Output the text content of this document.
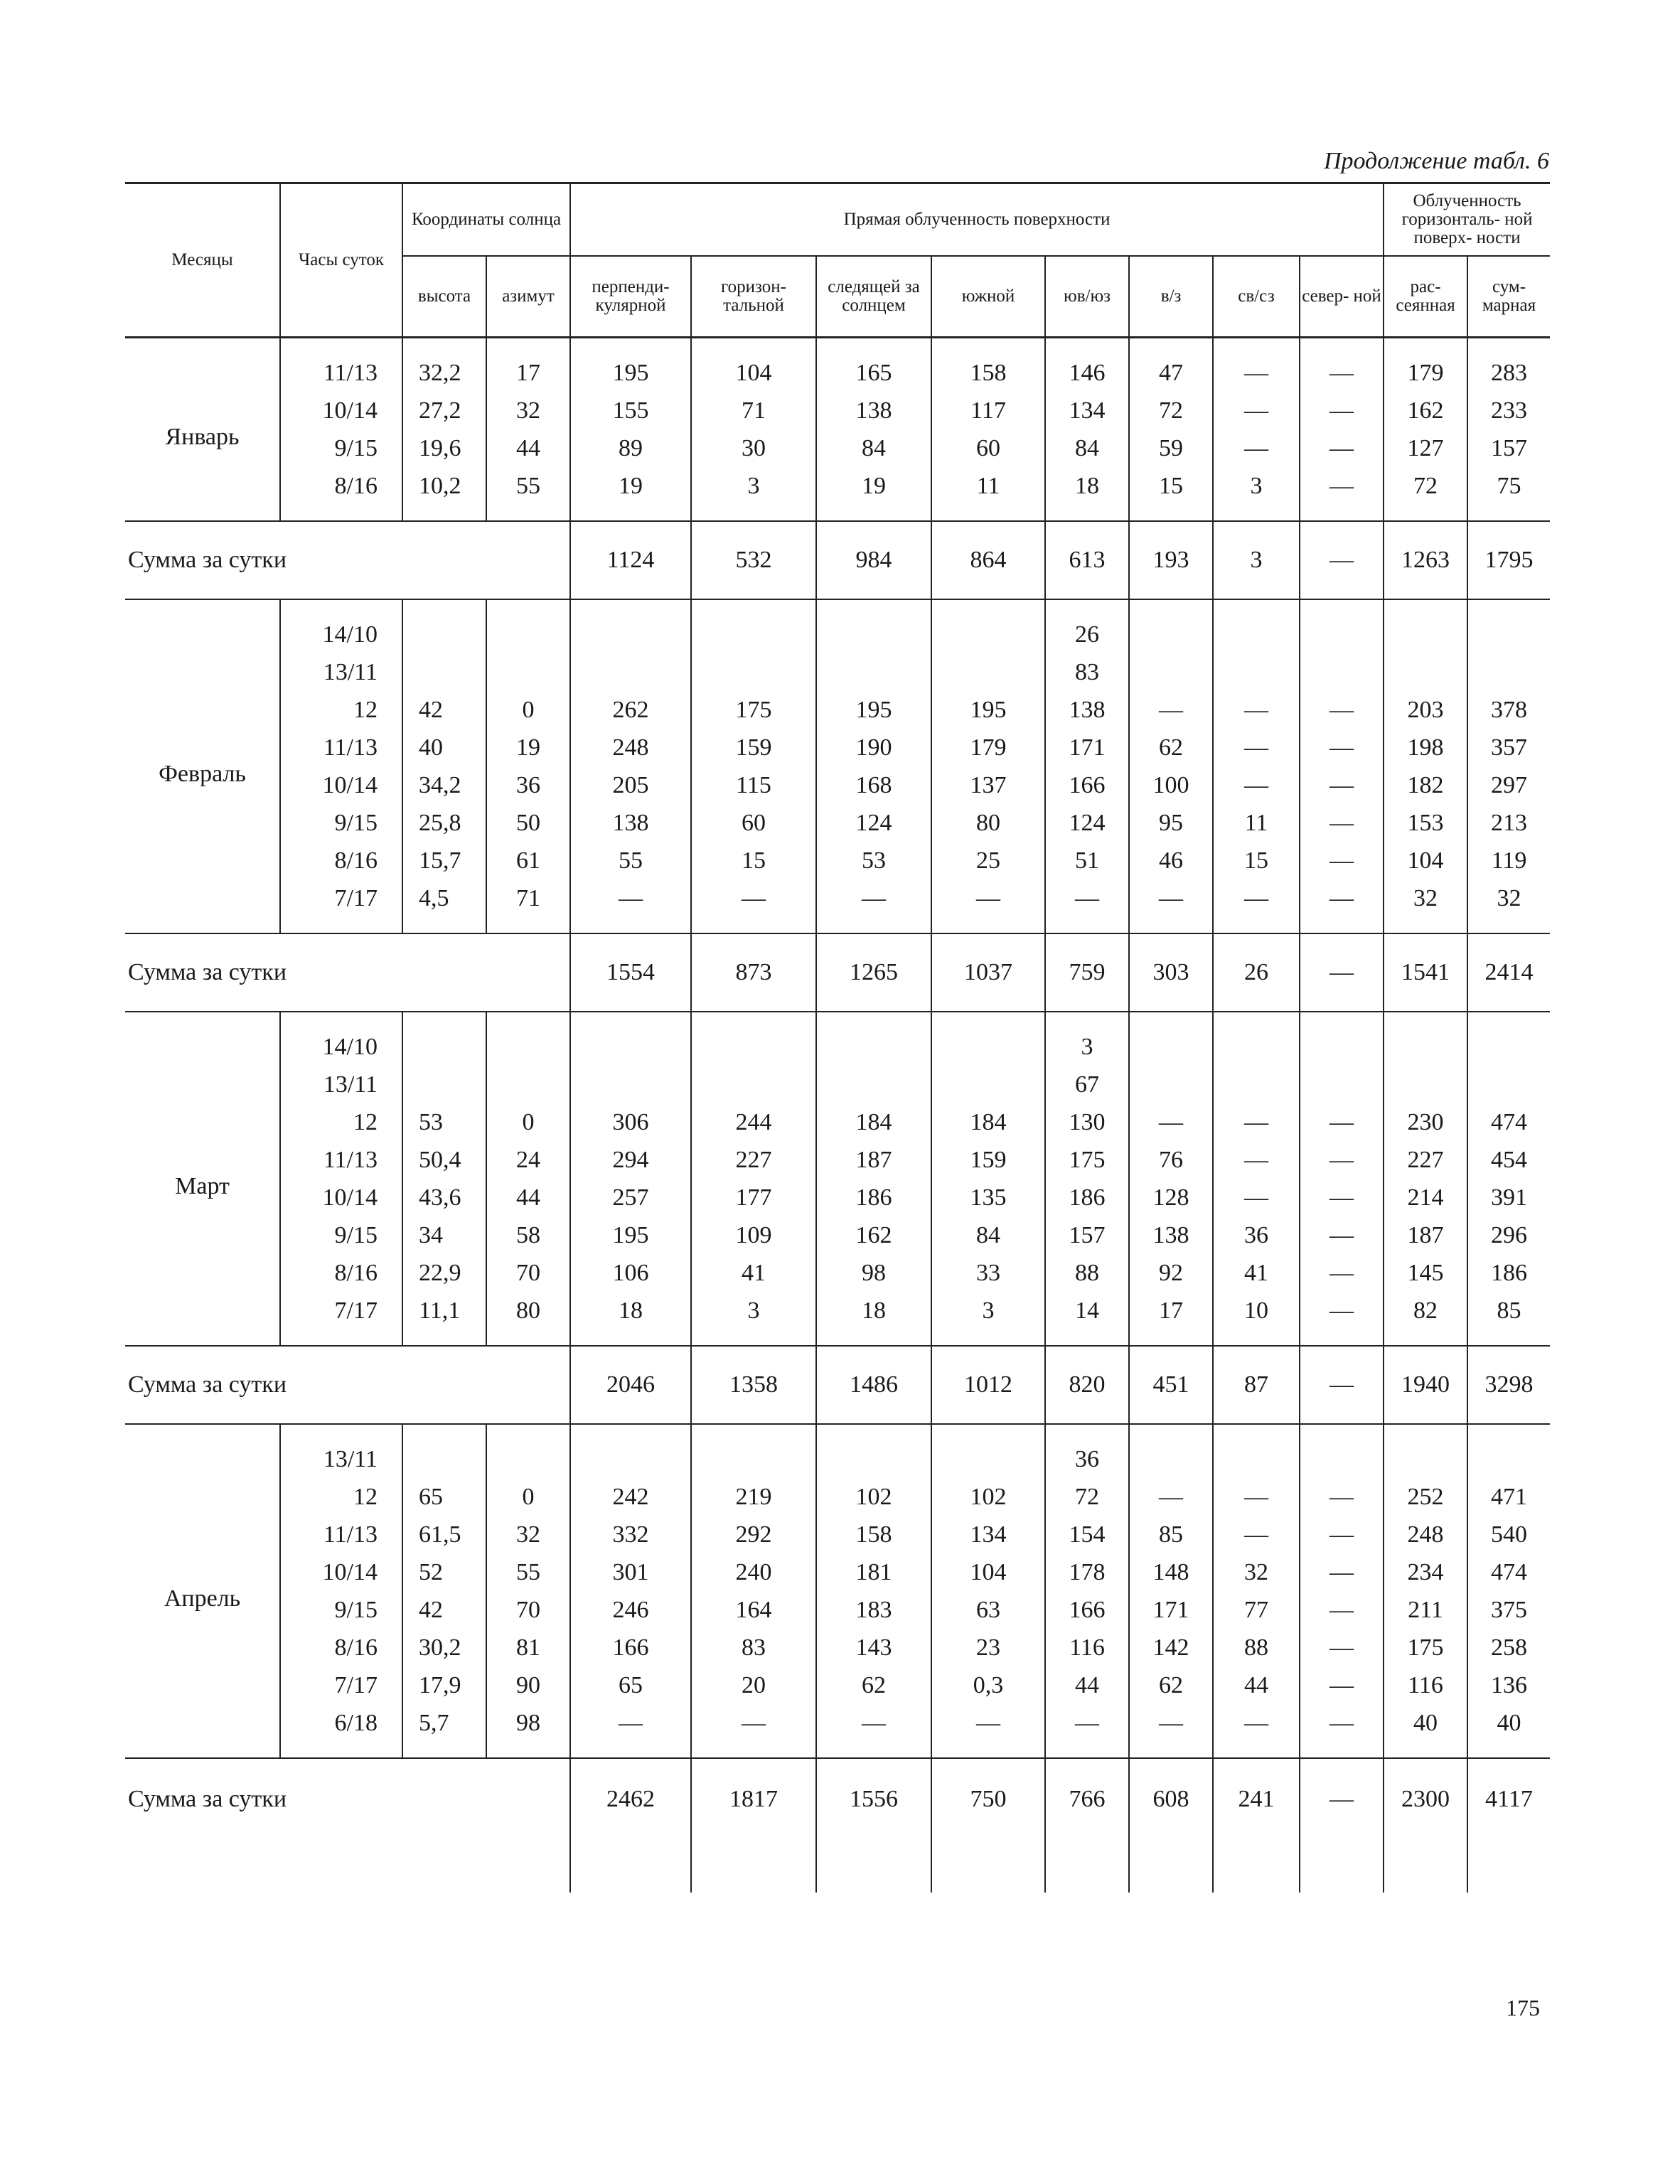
Продолжение табл. 6
Месяцы	Часы суток	Координаты солнца		Прямая облученность поверхности								Облученность горизонталь- ной поверх- ности	
		высота	азимут	перпенди- кулярной	горизон- тальной	следящей за солнцем	южной	юв/юз	в/з	св/сз	север- ной		
												рас- сеянная	сум- марная
Январь	11/13	32,2	17	195	104	165	158	146	47	—	—	179	283
	10/14	27,2	32	155	71	138	117	134	72	—	—	162	233
	9/15	19,6	44	89	30	84	60	84	59	—	—	127	157
	8/16	10,2	55	19	3	19	11	18	15	3	—	72	75
Сумма за сутки				1124	532	984	864	613	193	3	—	1263	1795
Февраль	14/10							26					
	13/11							83					
	12	42	0	262	175	195	195	138	—	—	—	203	378
	11/13	40	19	248	159	190	179	171	62	—	—	198	357
	10/14	34,2	36	205	115	168	137	166	100	—	—	182	297
	9/15	25,8	50	138	60	124	80	124	95	11	—	153	213
	8/16	15,7	61	55	15	53	25	51	46	15	—	104	119
	7/17	4,5	71	—	—	—	—	—	—	—	—	32	32
Сумма за сутки				1554	873	1265	1037	759	303	26	—	1541	2414
Март	14/10							3					
	13/11							67					
	12	53	0	306	244	184	184	130	—	—	—	230	474
	11/13	50,4	24	294	227	187	159	175	76	—	—	227	454
	10/14	43,6	44	257	177	186	135	186	128	—	—	214	391
	9/15	34	58	195	109	162	84	157	138	36	—	187	296
	8/16	22,9	70	106	41	98	33	88	92	41	—	145	186
	7/17	11,1	80	18	3	18	3	14	17	10	—	82	85
Сумма за сутки				2046	1358	1486	1012	820	451	87	—	1940	3298
Апрель	13/11							36					
	12	65	0	242	219	102	102	72	—	—	—	252	471
	11/13	61,5	32	332	292	158	134	154	85	—	—	248	540
	10/14	52	55	301	240	181	104	178	148	32	—	234	474
	9/15	42	70	246	164	183	63	166	171	77	—	211	375
	8/16	30,2	81	166	83	143	23	116	142	88	—	175	258
	7/17	17,9	90	65	20	62	0,3	44	62	44	—	116	136
	6/18	5,7	98	—	—	—	—	—	—	—	—	40	40
Сумма за сутки				2462	1817	1556	750	766	608	241	—	2300	4117
175
